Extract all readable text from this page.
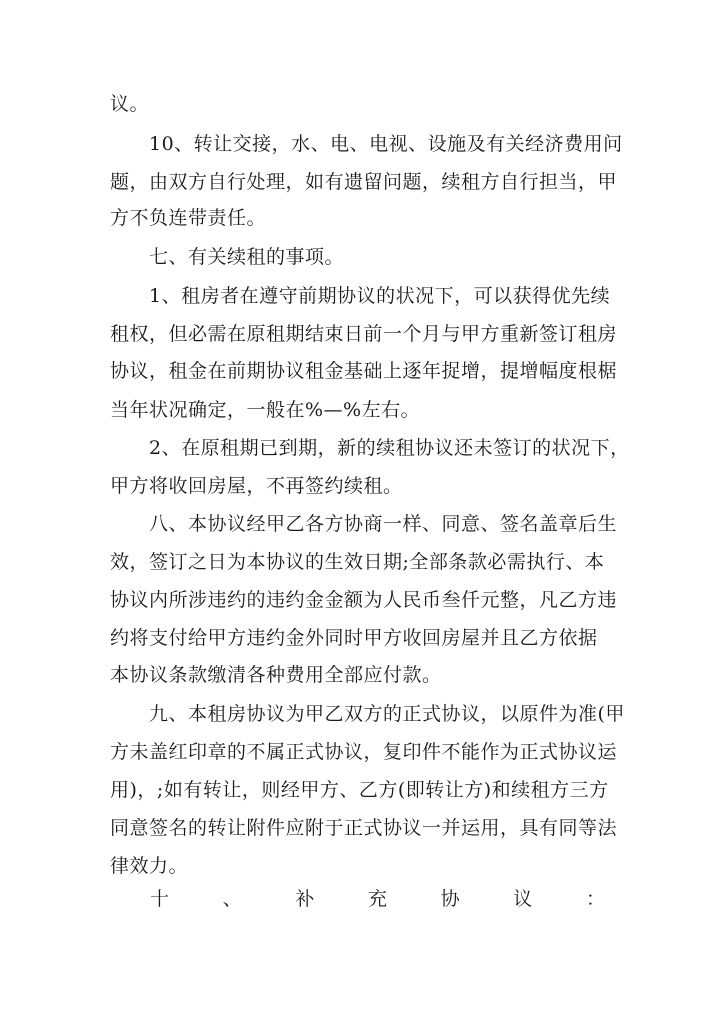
议。
　　10、转让交接，水、电、电视、设施及有关经济费用问
题，由双方自行处理，如有遗留问题，续租方自行担当，甲
方不负连带责任。
　　七、有关续租的事项。
　　1、租房者在遵守前期协议的状况下，可以获得优先续
租权，但必需在原租期结束日前一个月与甲方重新签订租房
协议，租金在前期协议租金基础上逐年捉增，提增幅度根椐
当年状况确定，一般在%—%左右。
　　2、在原租期已到期，新的续租协议还未签订的状况下，
甲方将收回房屋，不再签约续租。
　　八、本协议经甲乙各方协商一样、同意、签名盖章后生
效，签订之日为本协议的生效日期;全部条款必需执行、本
协议内所涉违约的违约金金额为人民币叁仟元整，凡乙方违
约将支付给甲方违约金外同时甲方收回房屋并且乙方依据
本协议条款缴清各种费用全部应付款。
　　九、本租房协议为甲乙双方的正式协议，以原件为准(甲
方未盖红印章的不属正式协议，复印件不能作为正式协议运
用)，;如有转让，则经甲方、乙方(即转让方)和续租方三方
同意签名的转让附件应附于正式协议一并运用，具有同等法
律效力。
十	、	补	充	协	议	：
